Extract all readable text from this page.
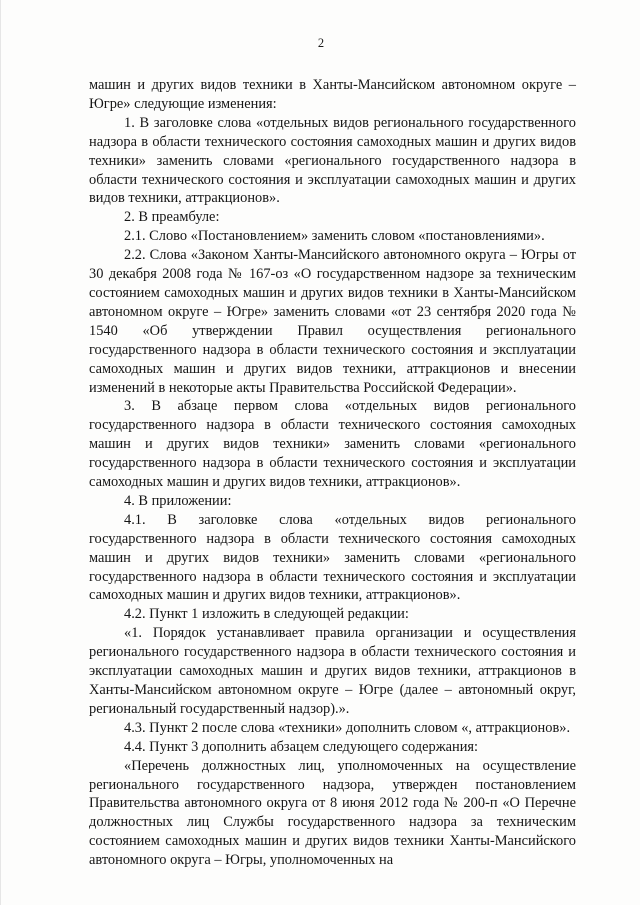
2

машин и других видов техники в Ханты-Мансийском автономном округе – Югре» следующие изменения:

1. В заголовке слова «отдельных видов регионального государственного надзора в области технического состояния самоходных машин и других видов техники» заменить словами «регионального государственного надзора в области технического состояния и эксплуатации самоходных машин и других видов техники, аттракционов».

2. В преамбуле:

2.1. Слово «Постановлением» заменить словом «постановлениями».

2.2. Слова «Законом Ханты-Мансийского автономного округа – Югры от 30 декабря 2008 года № 167-оз «О государственном надзоре за техническим состоянием самоходных машин и других видов техники в Ханты-Мансийском автономном округе – Югре» заменить словами «от 23 сентября 2020 года № 1540 «Об утверждении Правил осуществления регионального государственного надзора в области технического состояния и эксплуатации самоходных машин и других видов техники, аттракционов и внесении изменений в некоторые акты Правительства Российской Федерации».

3. В абзаце первом слова «отдельных видов регионального государственного надзора в области технического состояния самоходных машин и других видов техники» заменить словами «регионального государственного надзора в области технического состояния и эксплуатации самоходных машин и других видов техники, аттракционов».

4. В приложении:

4.1. В заголовке слова «отдельных видов регионального государственного надзора в области технического состояния самоходных машин и других видов техники» заменить словами «регионального государственного надзора в области технического состояния и эксплуатации самоходных машин и других видов техники, аттракционов».

4.2. Пункт 1 изложить в следующей редакции:

«1. Порядок устанавливает правила организации и осуществления регионального государственного надзора в области технического состояния и эксплуатации самоходных машин и других видов техники, аттракционов в Ханты-Мансийском автономном округе – Югре (далее – автономный округ, региональный государственный надзор).».

4.3. Пункт 2 после слова «техники» дополнить словом «, аттракционов».

4.4. Пункт 3 дополнить абзацем следующего содержания:

«Перечень должностных лиц, уполномоченных на осуществление регионального государственного надзора, утвержден постановлением Правительства автономного округа от 8 июня 2012 года № 200-п «О Перечне должностных лиц Службы государственного надзора за техническим состоянием самоходных машин и других видов техники Ханты-Мансийского автономного округа – Югры, уполномоченных на
